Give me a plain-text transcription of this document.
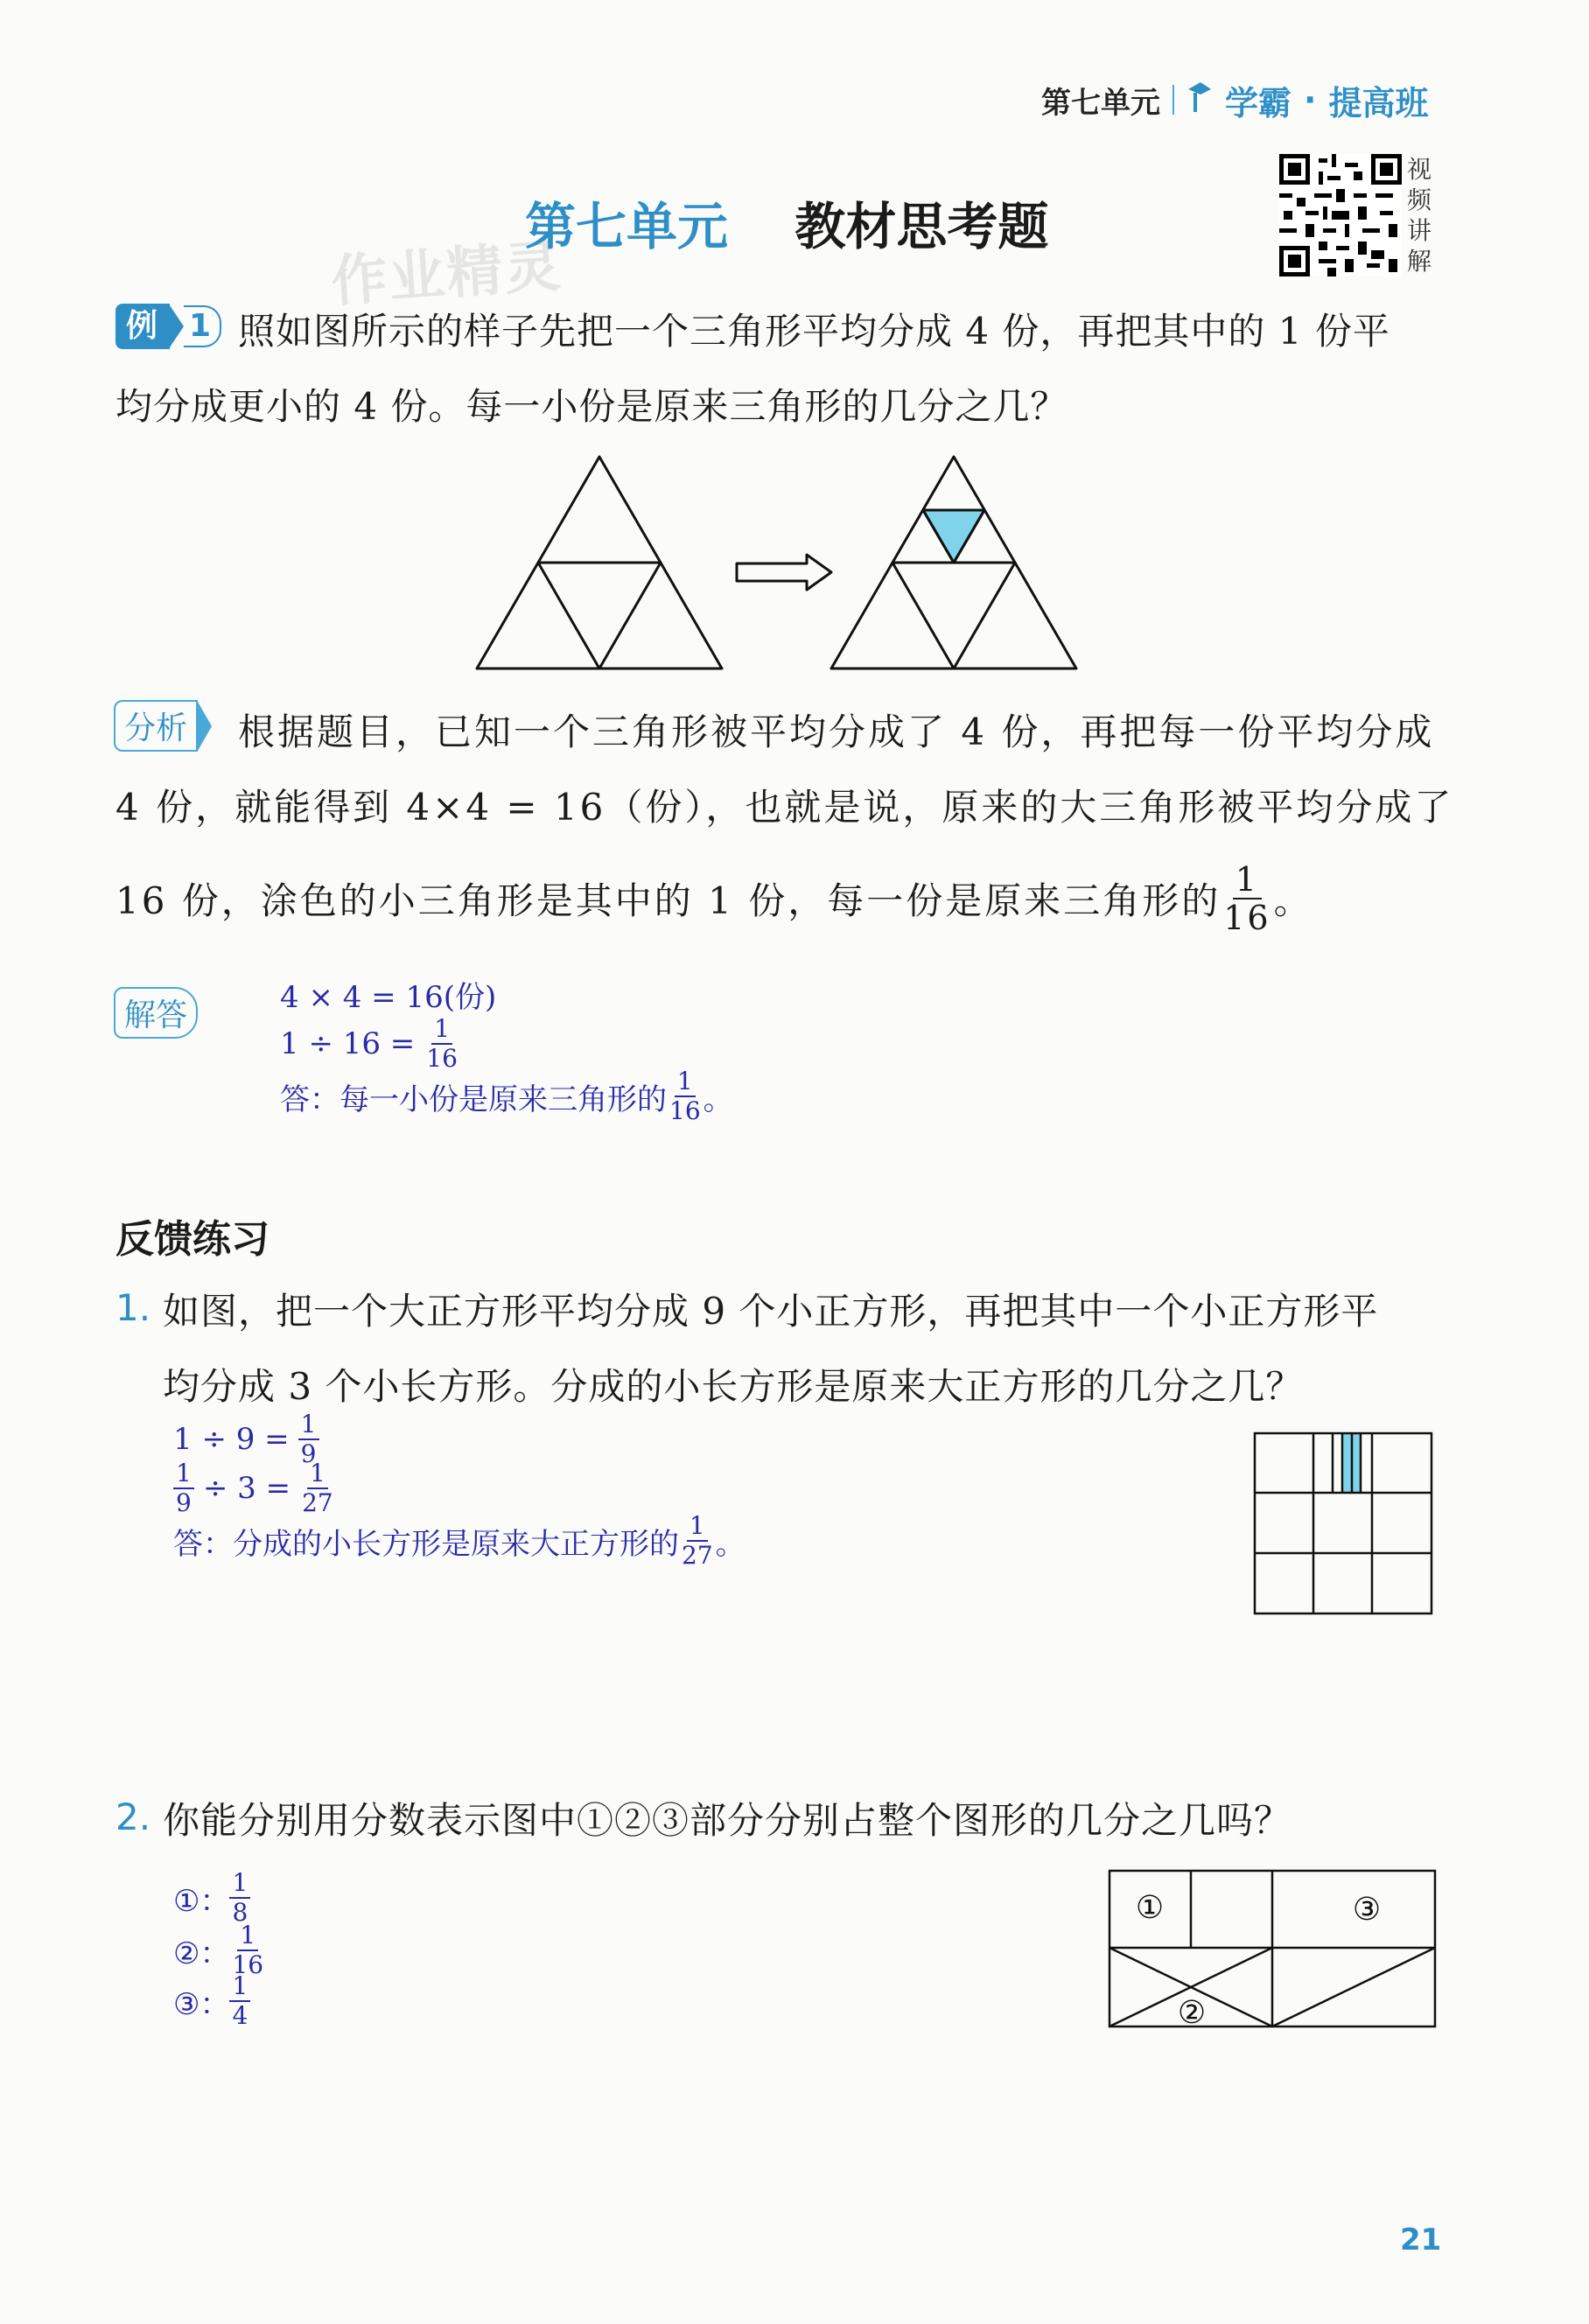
第七单元 学霸 · 提高班
视
频
讲
解
作业精灵
第七单元 教材思考题
例	1 照如图所示的样子先把一个三角形平均分成 4 份，再把其中的 1 份平
均分成更小的 4 份。每一小份是原来三角形的几分之几？
分析 根据题目，已知一个三角形被平均分成了 4 份，再把每一份平均分成
4 份，就能得到 4×4 = 16（份），也就是说，原来的大三角形被平均分成了
16 份，涂色的小三角形是其中的 1 份，每一份是原来三角形的 $\frac{1}{16}$ 。
解答	4 × 4 = 16(份)
$1 \div 16 = \frac{1}{16}$
答：每一小份是原来三角形的 $\frac{1}{16}$ 。
反馈练习
1. 如图，把一个大正方形平均分成 9 个小正方形，再把其中一个小正方形平
均分成 3 个小长方形。分成的小长方形是原来大正方形的几分之几？
$1 \div 9 = \frac{1}{9}$
$\frac{1}{9} \div 3 = \frac{1}{27}$
答：分成的小长方形是原来大正方形的 $\frac{1}{27}$ 。
2. 你能分别用分数表示图中①②③部分分别占整个图形的几分之几吗？
①： $\frac{1}{8}$
②： $\frac{1}{16}$
③： $\frac{1}{4}$
①	③
②
21
